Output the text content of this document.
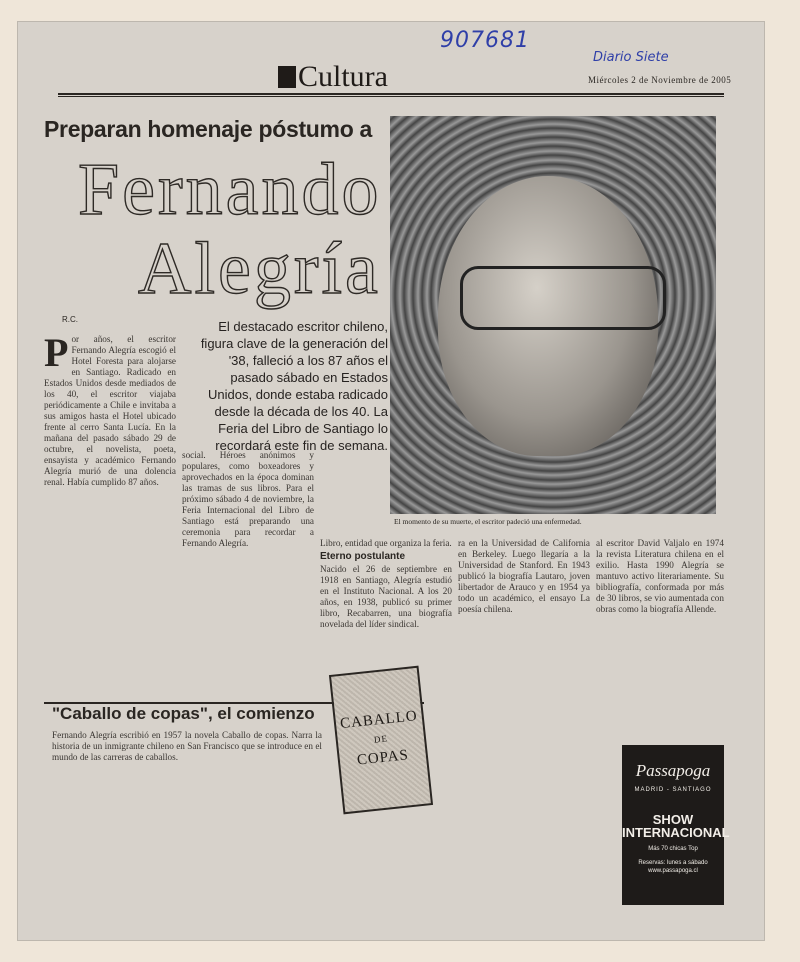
907681
Diario Siete
Cultura	Miércoles 2 de Noviembre de 2005
Preparan homenaje póstumo a
Fernando
Alegría
El momento de su muerte, el escritor padeció una enfermedad.
R.C.	El destacado escritor chileno, figura clave de la generación del '38, falleció a los 87 años el pasado sábado en Estados Unidos, donde estaba radicado desde la década de los 40. La Feria del Libro de Santiago lo recordará este fin de semana.
Por años, el escritor Fernando Alegría escogió el Hotel Foresta para alojarse en Santiago. Radicado en Estados Unidos desde mediados de los 40, el escritor viajaba periódicamente a Chile e invitaba a sus amigos hasta el Hotel ubicado frente al cerro Santa Lucía. En la mañana del pasado sábado 29 de octubre, el novelista, poeta, ensayista y académico Fernando Alegría murió de una dolencia renal. Había cumplido 87 años.
social. Héroes anónimos y populares, como boxeadores y aprovechados en la época dominan las tramas de sus libros. Para el próximo sábado 4 de noviembre, la Feria Internacional del Libro de Santiago está preparando una ceremonia para recordar a Fernando Alegría.	Libro, entidad que organiza la feria.
Eterno postulante
Nacido el 26 de septiembre en 1918 en Santiago, Alegría estudió en el Instituto Nacional. A los 20 años, en 1938, publicó su primer libro, Recabarren, una biografía novelada del líder sindical.
ra en la Universidad de California en Berkeley. Luego llegaría a la Universidad de Stanford. En 1943 publicó la biografía Lautaro, joven libertador de Arauco y en 1954 ya todo un académico, el ensayo La poesía chilena.
al escritor David Valjalo en 1974 la revista Literatura chilena en el exilio. Hasta 1990 Alegría se mantuvo activo literariamente. Su bibliografía, conformada por más de 30 libros, se vio aumentada con obras como la biografía Allende.
"Caballo de copas", el comienzo
Fernando Alegría escribió en 1957 la novela Caballo de copas. Narra la historia de un inmigrante chileno en San Francisco que se introduce en el mundo de las carreras de caballos.
CABALLO
DE
COPAS
Passapoga
MADRID - SANTIAGO
SHOW
INTERNACIONAL
Más 70 chicas Top
Reservas: lunes a sábado www.passapoga.cl
